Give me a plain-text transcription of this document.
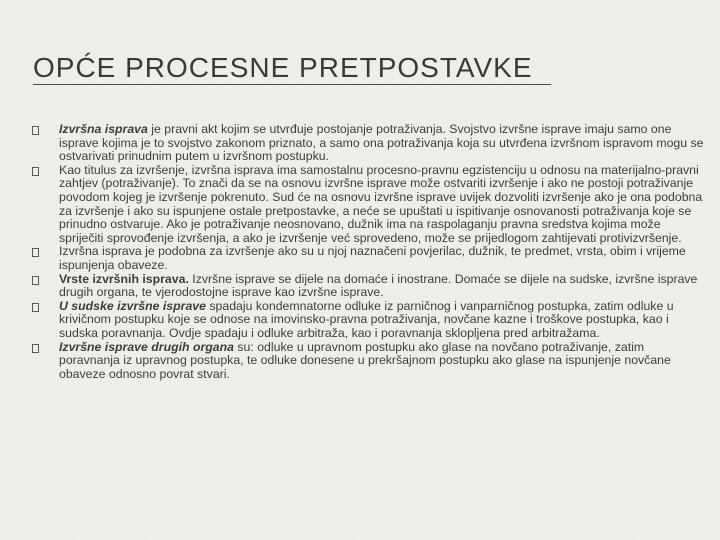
OPĆE PROCESNE PRETPOSTAVKE
Izvršna isprava je pravni akt kojim se utvrđuje postojanje potraživanja. Svojstvo izvršne isprave imaju samo one isprave kojima je to svojstvo zakonom priznato, a samo ona potraživanja koja su utvrđena izvršnom ispravom mogu se ostvarivati prinudnim putem u izvršnom postupku.
Kao titulus za izvršenje, izvršna isprava ima samostalnu procesno-pravnu egzistenciju u odnosu na materijalno-pravni zahtjev (potraživanje). To znači da se na osnovu izvršne isprave može ostvariti izvršenje i ako ne postoji potraživanje povodom kojeg je izvršenje pokrenuto. Sud će na osnovu izvršne isprave uvijek dozvoliti izvršenje ako je ona podobna za izvršenje i ako su ispunjene ostale pretpostavke, a neće se upuštati u ispitivanje osnovanosti potraživanja koje se prinudno ostvaruje. Ako je potraživanje neosnovano, dužnik ima na raspolaganju pravna sredstva kojima može spriječiti sprovođenje izvršenja, a ako je izvršenje već sprovedeno, može se prijedlogom zahtijevati protivizvršenje.
Izvršna isprava je podobna za izvršenje ako su u njoj naznačeni povjerilac, dužnik, te predmet, vrsta, obim i vrijeme ispunjenja obaveze.
Vrste izvršnih isprava. Izvršne isprave se dijele na domaće i inostrane. Domaće se dijele na sudske, izvršne isprave drugih organa, te vjerodostojne isprave kao izvršne isprave.
U sudske izvršne isprave spadaju kondemnatorne odluke iz parničnog i vanparničnog postupka, zatim odluke u krivičnom postupku koje se odnose na imovinsko-pravna potraživanja, novčane kazne i troškove postupka, kao i sudska poravnanja. Ovdje spadaju i odluke arbitraža, kao i poravnanja sklopljena pred arbitražama.
Izvršne isprave drugih organa su: odluke u upravnom postupku ako glase na novčano potraživanje, zatim poravnanja iz upravnog postupka, te odluke donesene u prekršajnom postupku ako glase na ispunjenje novčane obaveze odnosno povrat stvari.
